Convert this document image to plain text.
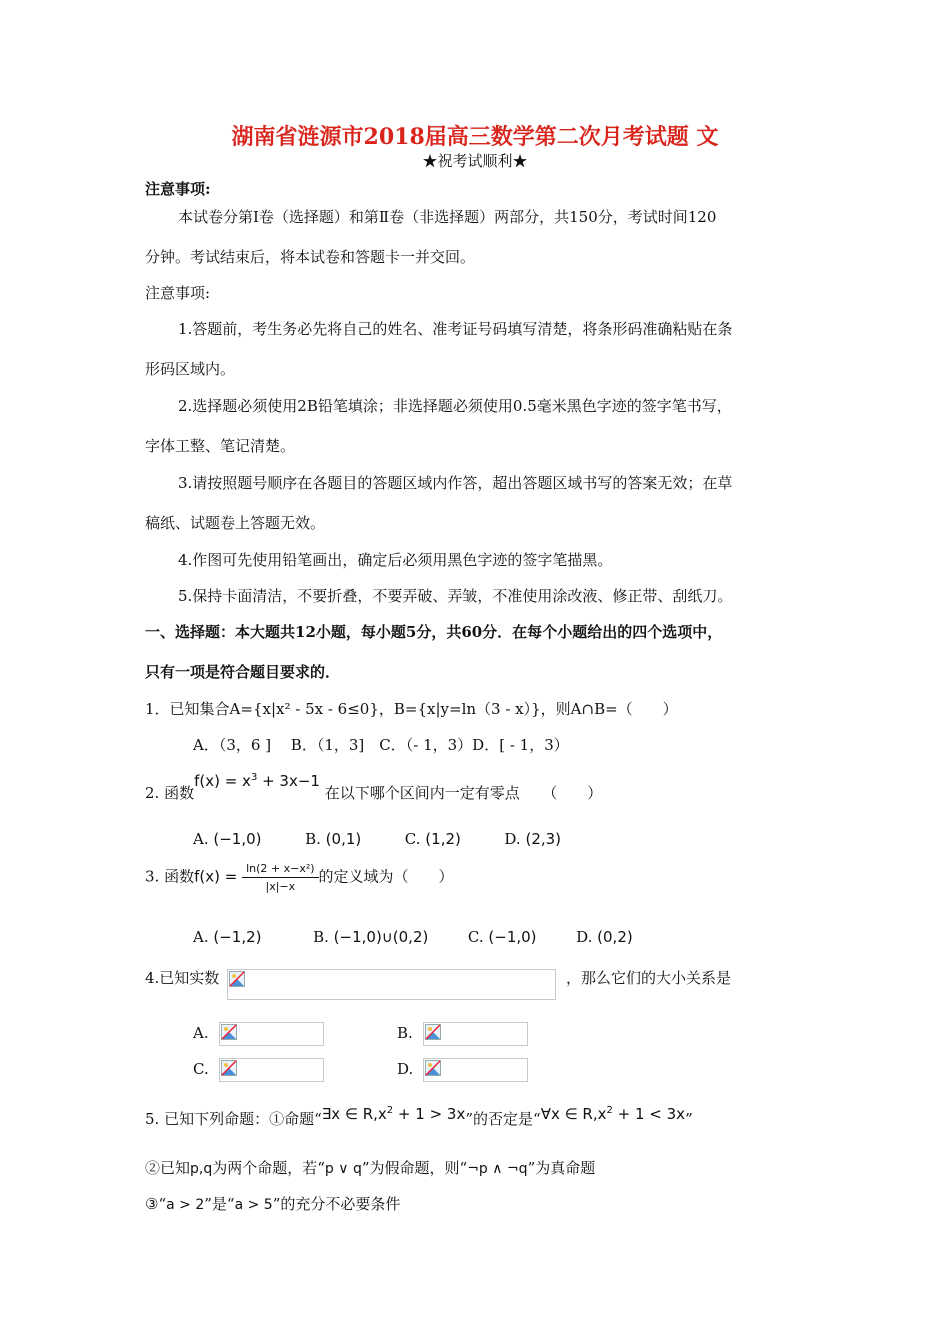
湖南省涟源市2018届高三数学第二次月考试题 文
★祝考试顺利★
注意事项:
本试卷分第Ⅰ卷（选择题）和第Ⅱ卷（非选择题）两部分，共150分，考试时间120
分钟。考试结束后，将本试卷和答题卡一并交回。
注意事项:
1.答题前，考生务必先将自己的姓名、准考证号码填写清楚，将条形码准确粘贴在条
形码区域内。
2.选择题必须使用2B铅笔填涂；非选择题必须使用0.5毫米黑色字迹的签字笔书写，
字体工整、笔记清楚。
3.请按照题号顺序在各题目的答题区域内作答，超出答题区域书写的答案无效；在草
稿纸、试题卷上答题无效。
4.作图可先使用铅笔画出，确定后必须用黑色字迹的签字笔描黑。
5.保持卡面清洁，不要折叠，不要弄破、弄皱，不准使用涂改液、修正带、刮纸刀。
一、选择题：本大题共12小题，每小题5分，共60分．在每个小题给出的四个选项中，
只有一项是符合题目要求的．
1．已知集合A={x|x² - 5x - 6≤0}，B={x|y=ln（3 - x）}，则A∩B=（　　）
A．（3，6 ]　 B．（1，3]　C．（- 1，3）D．[ - 1，3）
2. 函数$f(x) = x^3 + 3x-1$ 在以下哪个区间内一定有零点　　（　　）
A. (−1,0)	B. (0,1)	C. (1,2)	D. (2,3)
3. 函数$f(x) = \frac{\text{ln(2 + x−x²)}}{|x|-x}$ 的定义域为（　　）
A. (−1,2)	B. (−1,0)∪(0,2)	C. (−1,0)	D. (0,2)
4.已知实数	，那么它们的大小关系是
A.	B.
C.	D.
5. 已知下列命题：①命题“∃x ∈ $R,x^2 + 1 > 3x$”的否定是“∀x ∈ $R,x^2 + 1 < 3x$”
②已知p,q为两个命题，若“p ∨ q”为假命题，则“¬p ∧ ¬q”为真命题
③“a > 2”是“a > 5”的充分不必要条件
